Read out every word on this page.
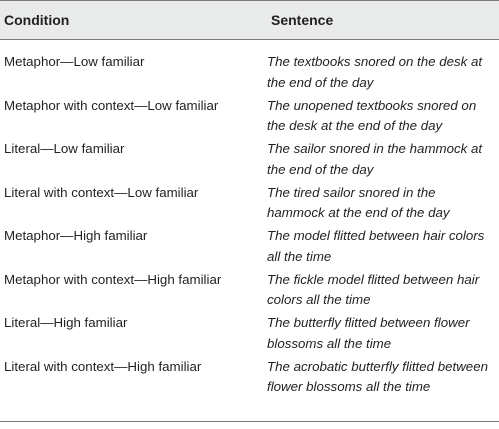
Condition	Sentence
Metaphor—Low familiar	The textbooks snored on the desk at the end of the day
Metaphor with context—Low familiar	The unopened textbooks snored on the desk at the end of the day
Literal—Low familiar	The sailor snored in the hammock at the end of the day
Literal with context—Low familiar	The tired sailor snored in the hammock at the end of the day
Metaphor—High familiar	The model flitted between hair colors all the time
Metaphor with context—High familiar	The fickle model flitted between hair colors all the time
Literal—High familiar	The butterfly flitted between flower blossoms all the time
Literal with context—High familiar	The acrobatic butterfly flitted between flower blossoms all the time
